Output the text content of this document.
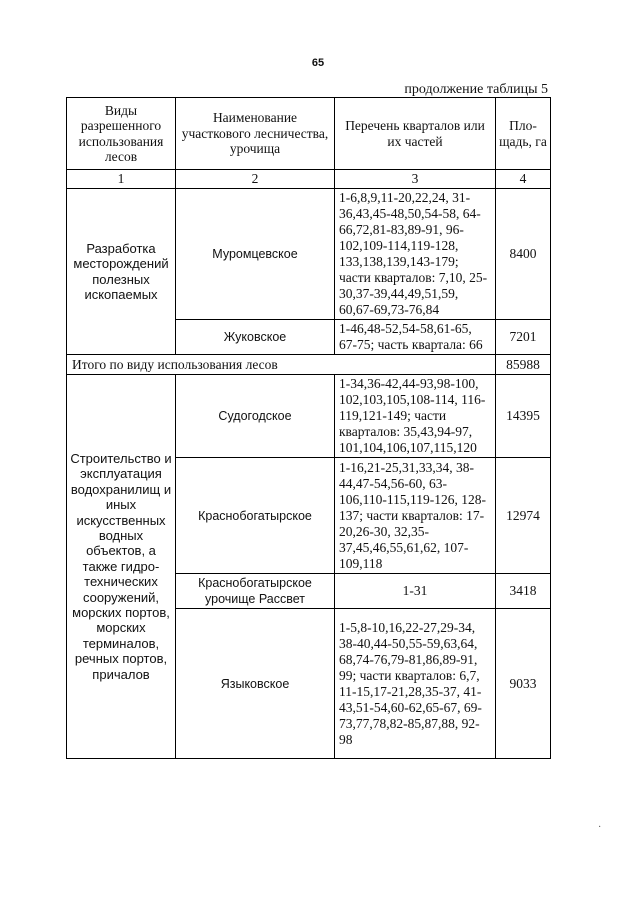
65
продолжение таблицы 5
Виды разрешенного использования лесов	Наименование участкового лесничества, урочища	Перечень кварталов или их частей	Пло-щадь, га
1	2	3	4
Разработка месторождений полезных ископаемых	Муромцевское	1-6,8,9,11-20,22,24, 31-36,43,45-48,50,54-58, 64-66,72,81-83,89-91, 96-102,109-114,119-128, 133,138,139,143-179; части кварталов: 7,10, 25-30,37-39,44,49,51,59, 60,67-69,73-76,84	8400
	Жуковское	1-46,48-52,54-58,61-65, 67-75; часть квартала: 66	7201
Итого по виду использования лесов			85988
Строительство и эксплуатация водохранилищ и иных искусственных водных объектов, а также гидро-технических сооружений, морских портов, морских терминалов, речных портов, причалов	Судогодское	1-34,36-42,44-93,98-100, 102,103,105,108-114, 116-119,121-149; части кварталов: 35,43,94-97, 101,104,106,107,115,120	14395
	Краснобогатырское	1-16,21-25,31,33,34, 38-44,47-54,56-60, 63-106,110-115,119-126, 128-137; части кварталов: 17-20,26-30, 32,35-37,45,46,55,61,62, 107-109,118	12974
	Краснобогатырское урочище Рассвет	1-31	3418
	Языковское	1-5,8-10,16,22-27,29-34, 38-40,44-50,55-59,63,64, 68,74-76,79-81,86,89-91, 99; части кварталов: 6,7, 11-15,17-21,28,35-37, 41-43,51-54,60-62,65-67, 69-73,77,78,82-85,87,88, 92-98	9033
·
